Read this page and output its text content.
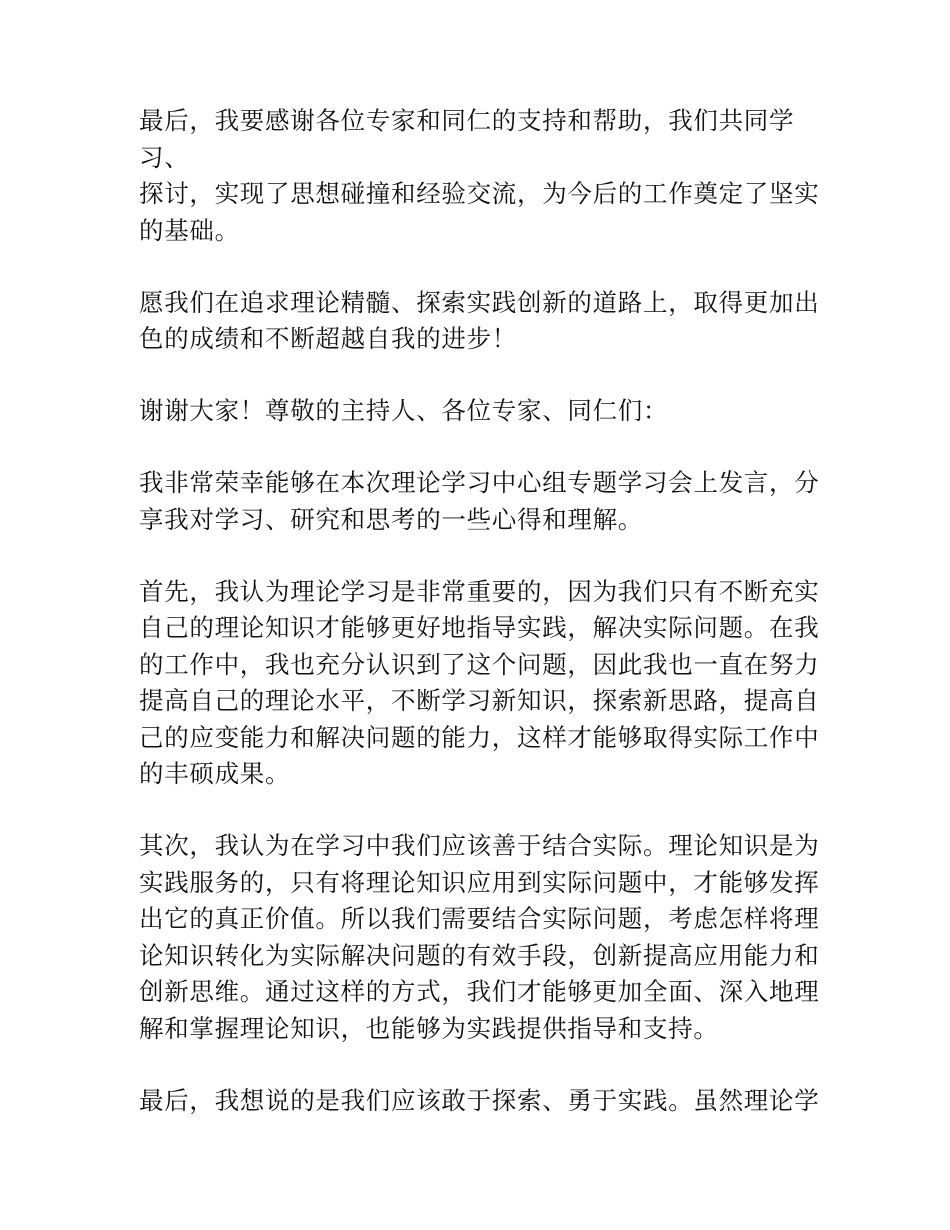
最后，我要感谢各位专家和同仁的支持和帮助，我们共同学习、
探讨，实现了思想碰撞和经验交流，为今后的工作奠定了坚实
的基础。

愿我们在追求理论精髓、探索实践创新的道路上，取得更加出
色的成绩和不断超越自我的进步！

谢谢大家！尊敬的主持人、各位专家、同仁们：

我非常荣幸能够在本次理论学习中心组专题学习会上发言，分
享我对学习、研究和思考的一些心得和理解。

首先，我认为理论学习是非常重要的，因为我们只有不断充实
自己的理论知识才能够更好地指导实践，解决实际问题。在我
的工作中，我也充分认识到了这个问题，因此我也一直在努力
提高自己的理论水平，不断学习新知识，探索新思路，提高自
己的应变能力和解决问题的能力，这样才能够取得实际工作中
的丰硕成果。

其次，我认为在学习中我们应该善于结合实际。理论知识是为
实践服务的，只有将理论知识应用到实际问题中，才能够发挥
出它的真正价值。所以我们需要结合实际问题，考虑怎样将理
论知识转化为实际解决问题的有效手段，创新提高应用能力和
创新思维。通过这样的方式，我们才能够更加全面、深入地理
解和掌握理论知识，也能够为实践提供指导和支持。

最后，我想说的是我们应该敢于探索、勇于实践。虽然理论学
